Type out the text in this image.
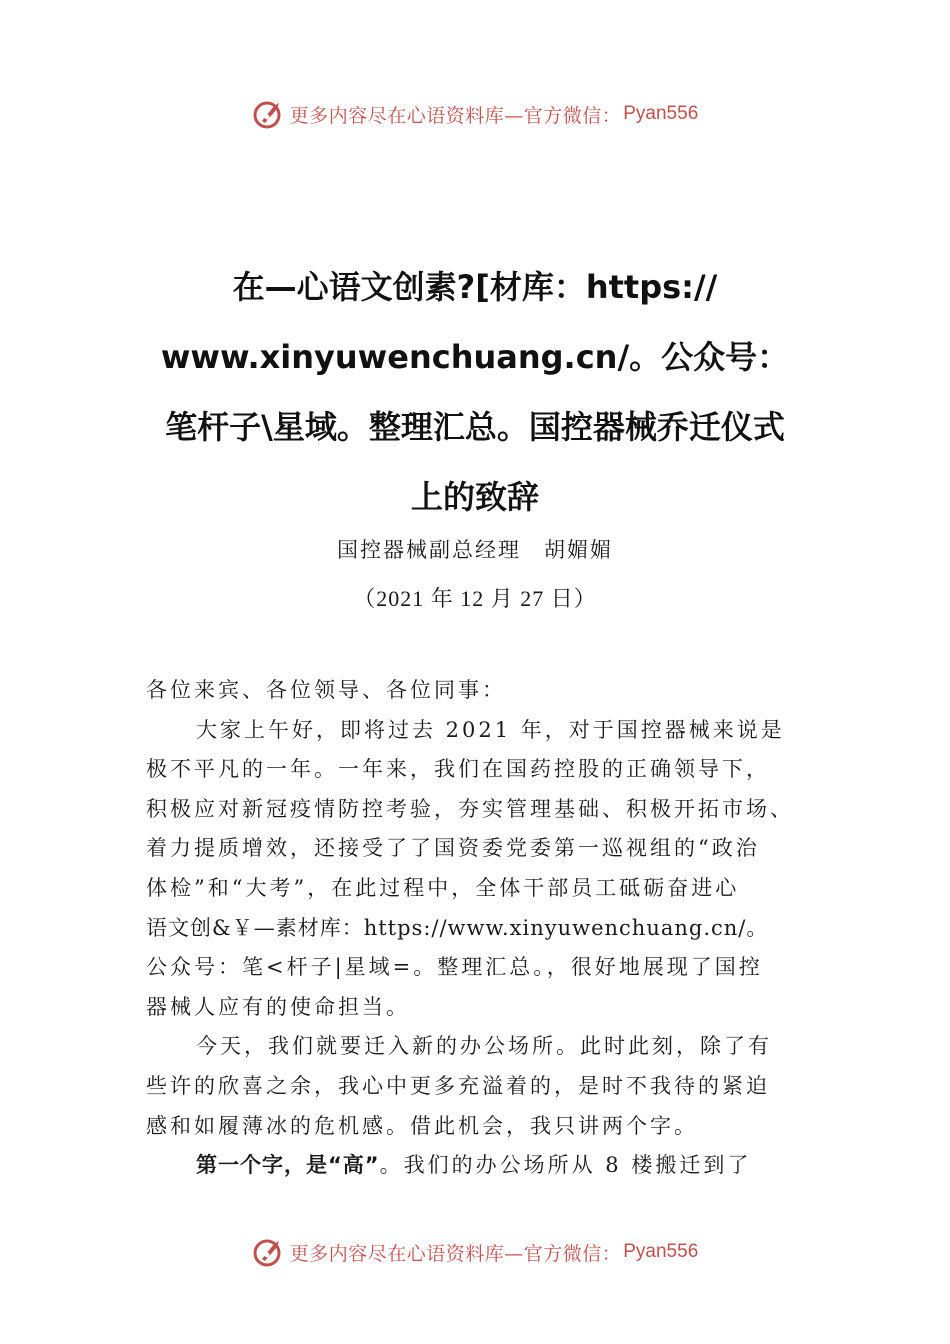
更多内容尽在心语资料库—官方微信： Pyan556
在—心语文创素?[材库：https://
www.xinyuwenchuang.cn/。公众号：
笔杆子\星域。整理汇总。国控器械乔迁仪式
上的致辞
国控器械副总经理　胡媚媚
（2021 年 12 月 27 日）
各位来宾、各位领导、各位同事：
大家上午好，即将过去 2021 年，对于国控器械来说是
极不平凡的一年。一年来，我们在国药控股的正确领导下，
积极应对新冠疫情防控考验，夯实管理基础、积极开拓市场、
着力提质增效，还接受了了国资委党委第一巡视组的“政治
体检”和“大考”，在此过程中，全体干部员工砥砺奋进心
语文创&￥—素材库：https://www.xinyuwenchuang.cn/。
公众号：笔<杆子|星域=。整理汇总。，很好地展现了国控
器械人应有的使命担当。
今天，我们就要迁入新的办公场所。此时此刻，除了有
些许的欣喜之余，我心中更多充溢着的，是时不我待的紧迫
感和如履薄冰的危机感。借此机会，我只讲两个字。
第一个字，是“高”。我们的办公场所从 8 楼搬迁到了
更多内容尽在心语资料库—官方微信： Pyan556
